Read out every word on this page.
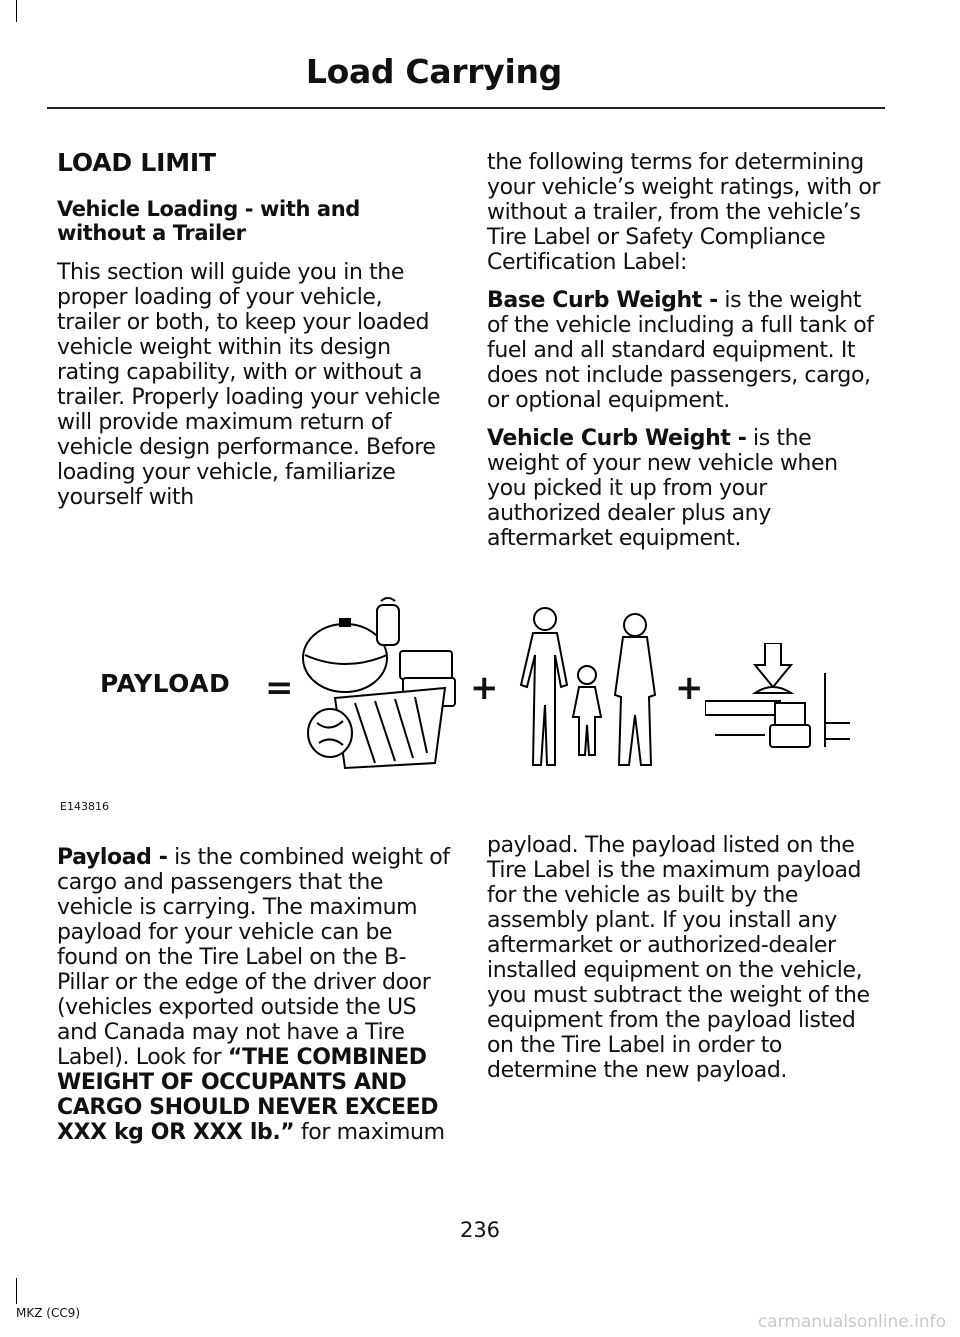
Load Carrying
LOAD LIMIT
Vehicle Loading - with and without a Trailer

This section will guide you in the proper loading of your vehicle, trailer or both, to keep your loaded vehicle weight within its design rating capability, with or without a trailer. Properly loading your vehicle will provide maximum return of vehicle design performance. Before loading your vehicle, familiarize yourself with

the following terms for determining your vehicle’s weight ratings, with or without a trailer, from the vehicle’s Tire Label or Safety Compliance Certification Label:

Base Curb Weight - is the weight of the vehicle including a full tank of fuel and all standard equipment. It does not include passengers, cargo, or optional equipment.

Vehicle Curb Weight - is the weight of your new vehicle when you picked it up from your authorized dealer plus any aftermarket equipment.

PAYLOAD =	+	+
E143816

Payload - is the combined weight of cargo and passengers that the vehicle is carrying. The maximum payload for your vehicle can be found on the Tire Label on the B-Pillar or the edge of the driver door (vehicles exported outside the US and Canada may not have a Tire Label). Look for “THE COMBINED WEIGHT OF OCCUPANTS AND CARGO SHOULD NEVER EXCEED XXX kg OR XXX lb.” for maximum

payload. The payload listed on the Tire Label is the maximum payload for the vehicle as built by the assembly plant. If you install any aftermarket or authorized-dealer installed equipment on the vehicle, you must subtract the weight of the equipment from the payload listed on the Tire Label in order to determine the new payload.

236
MKZ (CC9)	carmanualsonline.info
